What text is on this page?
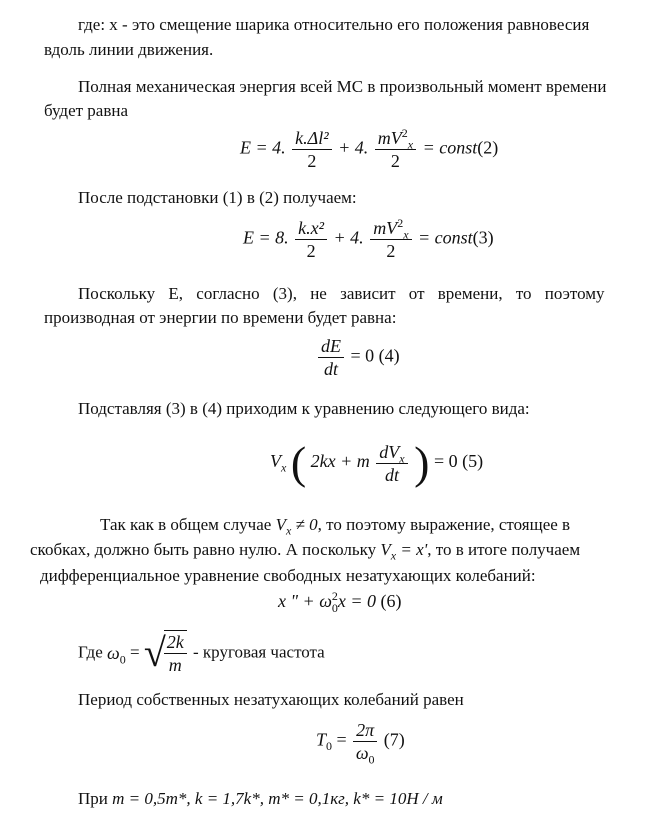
где: х - это смещение шарика относительно его положения равновесия
вдоль линии движения.
Полная механическая энергия всей МС в произвольный момент времени
будет равна
E = 4. $\frac{\text{k.Δl²}}{2} + 4$. $\frac{mV^2_x}{2}$ = const(2)
После подстановки (1) в (2) получаем:
E = 8. $\frac{\text{k.x²}}{2} + 4$. $\frac{mV^2_x}{2}$ = const(3)
Поскольку Е, согласно (3), не зависит от времени, то поэтому
производная от энергии по времени будет равна:
$\frac{dE}{dt} = 0$ (4)
Подставляя (3) в (4) приходим к уравнению следующего вида:
$V_x$ ( 2kx + m $\frac{dV_x}{dt}$ ) = 0 (5)
Так как в общем случае $V_x \ne 0$, то поэтому выражение, стоящее в
скобках, должно быть равно нулю. А поскольку $V_x = x'$, то в итоге получаем
дифференциальное уравнение свободных незатухающих колебаний:
x " + $\omega^2_0x = 0$ (6)
Где $\omega_0$ = √
$\frac{2k}{m}$ - круговая частота
Период собственных незатухающих колебаний равен
$T_0 = \frac{2\pi}{\omega_0} (7)$
При m = 0,5m*, k = 1,7k*, m* = 0,1кг, k* = 10H / м
